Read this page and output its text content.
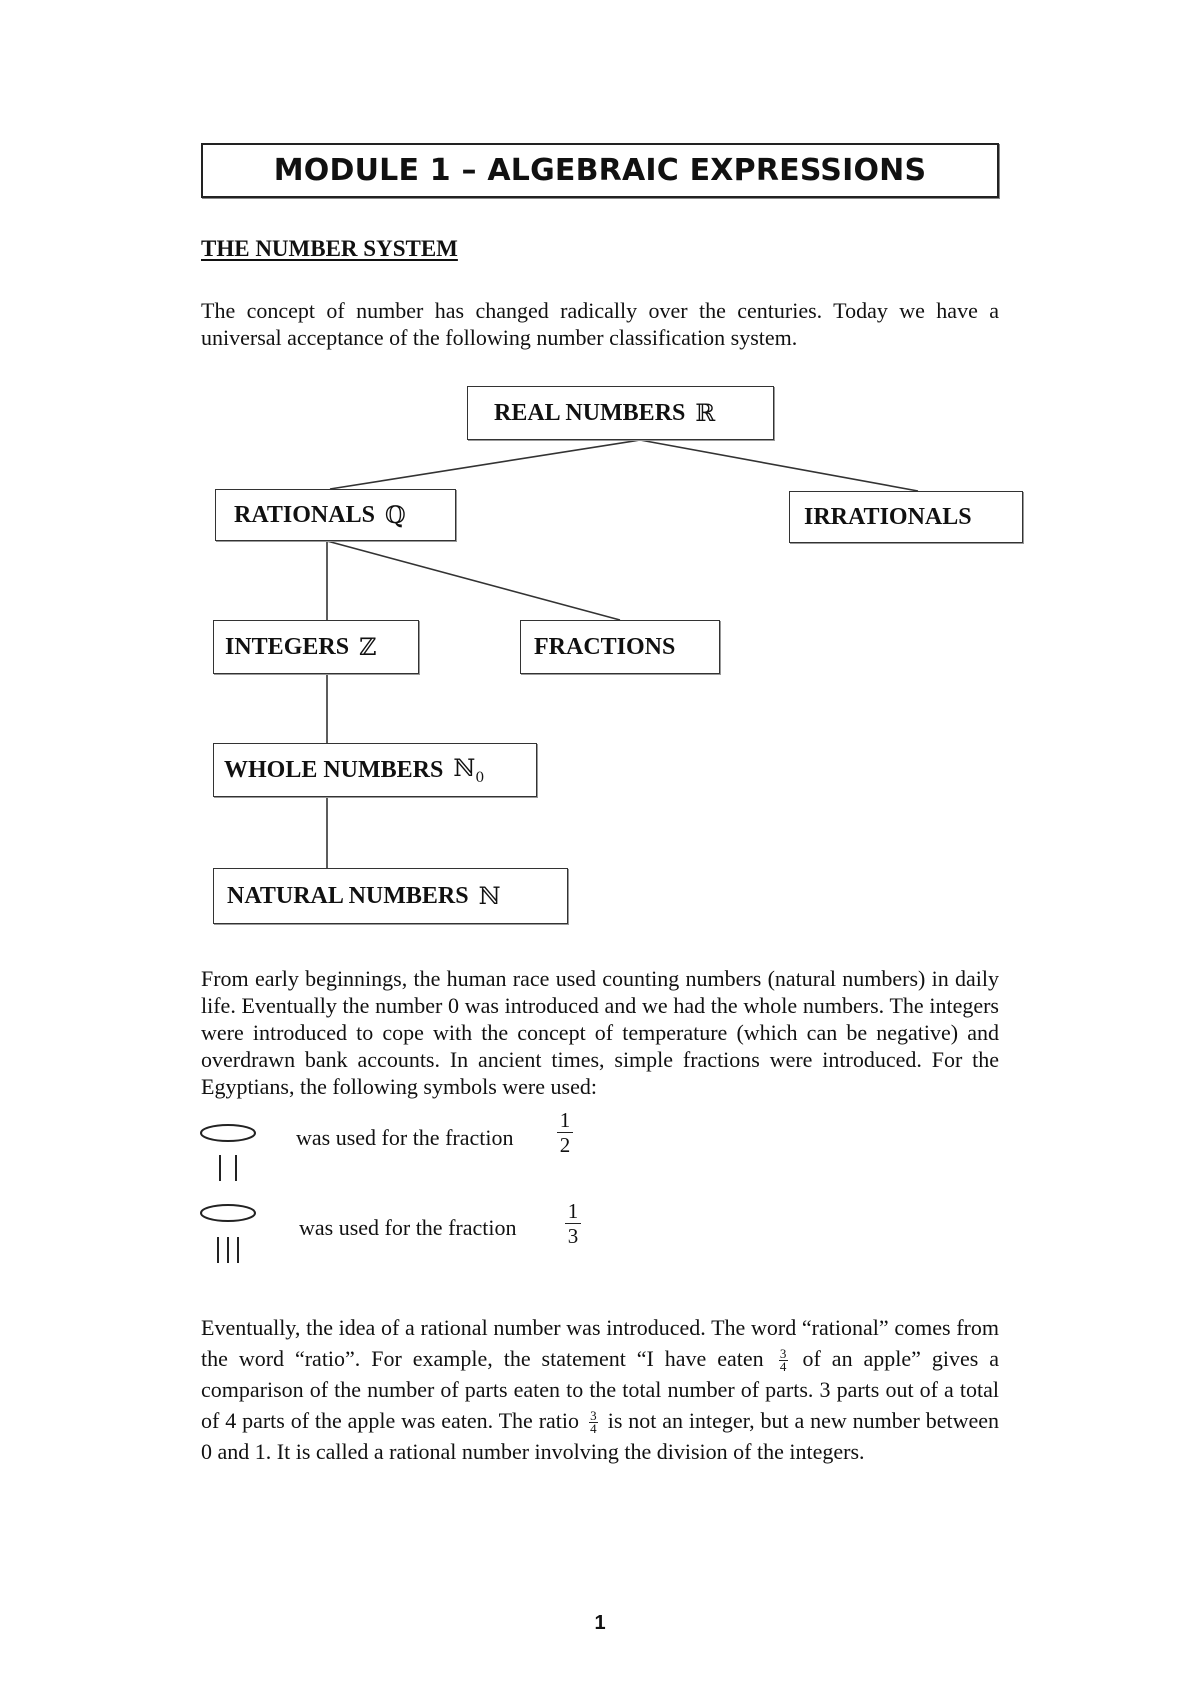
MODULE 1 – ALGEBRAIC EXPRESSIONS
THE NUMBER SYSTEM
The concept of number has changed radically over the centuries. Today we have a universal acceptance of the following number classification system.
REAL NUMBERS ℝ
RATIONALS ℚ	IRRATIONALS
INTEGERS ℤ	FRACTIONS
WHOLE NUMBERS ℕ$_0$
NATURAL NUMBERS ℕ
From early beginnings, the human race used counting numbers (natural numbers) in daily life. Eventually the number 0 was introduced and we had the whole numbers. The integers were introduced to cope with the concept of temperature (which can be negative) and overdrawn bank accounts. In ancient times, simple fractions were introduced. For the Egyptians, the following symbols were used:
was used for the fraction
1
2
was used for the fraction
1
3
Eventually, the idea of a rational number was introduced. The word “rational” comes from the word “ratio”. For example, the statement “I have eaten $\frac{3}{4}$ of an apple” gives a comparison of the number of parts eaten to the total number of parts. 3 parts out of a total of 4 parts of the apple was eaten. The ratio $\frac{3}{4}$ is not an integer, but a new number between 0 and 1. It is called a rational number involving the division of the integers.
1
